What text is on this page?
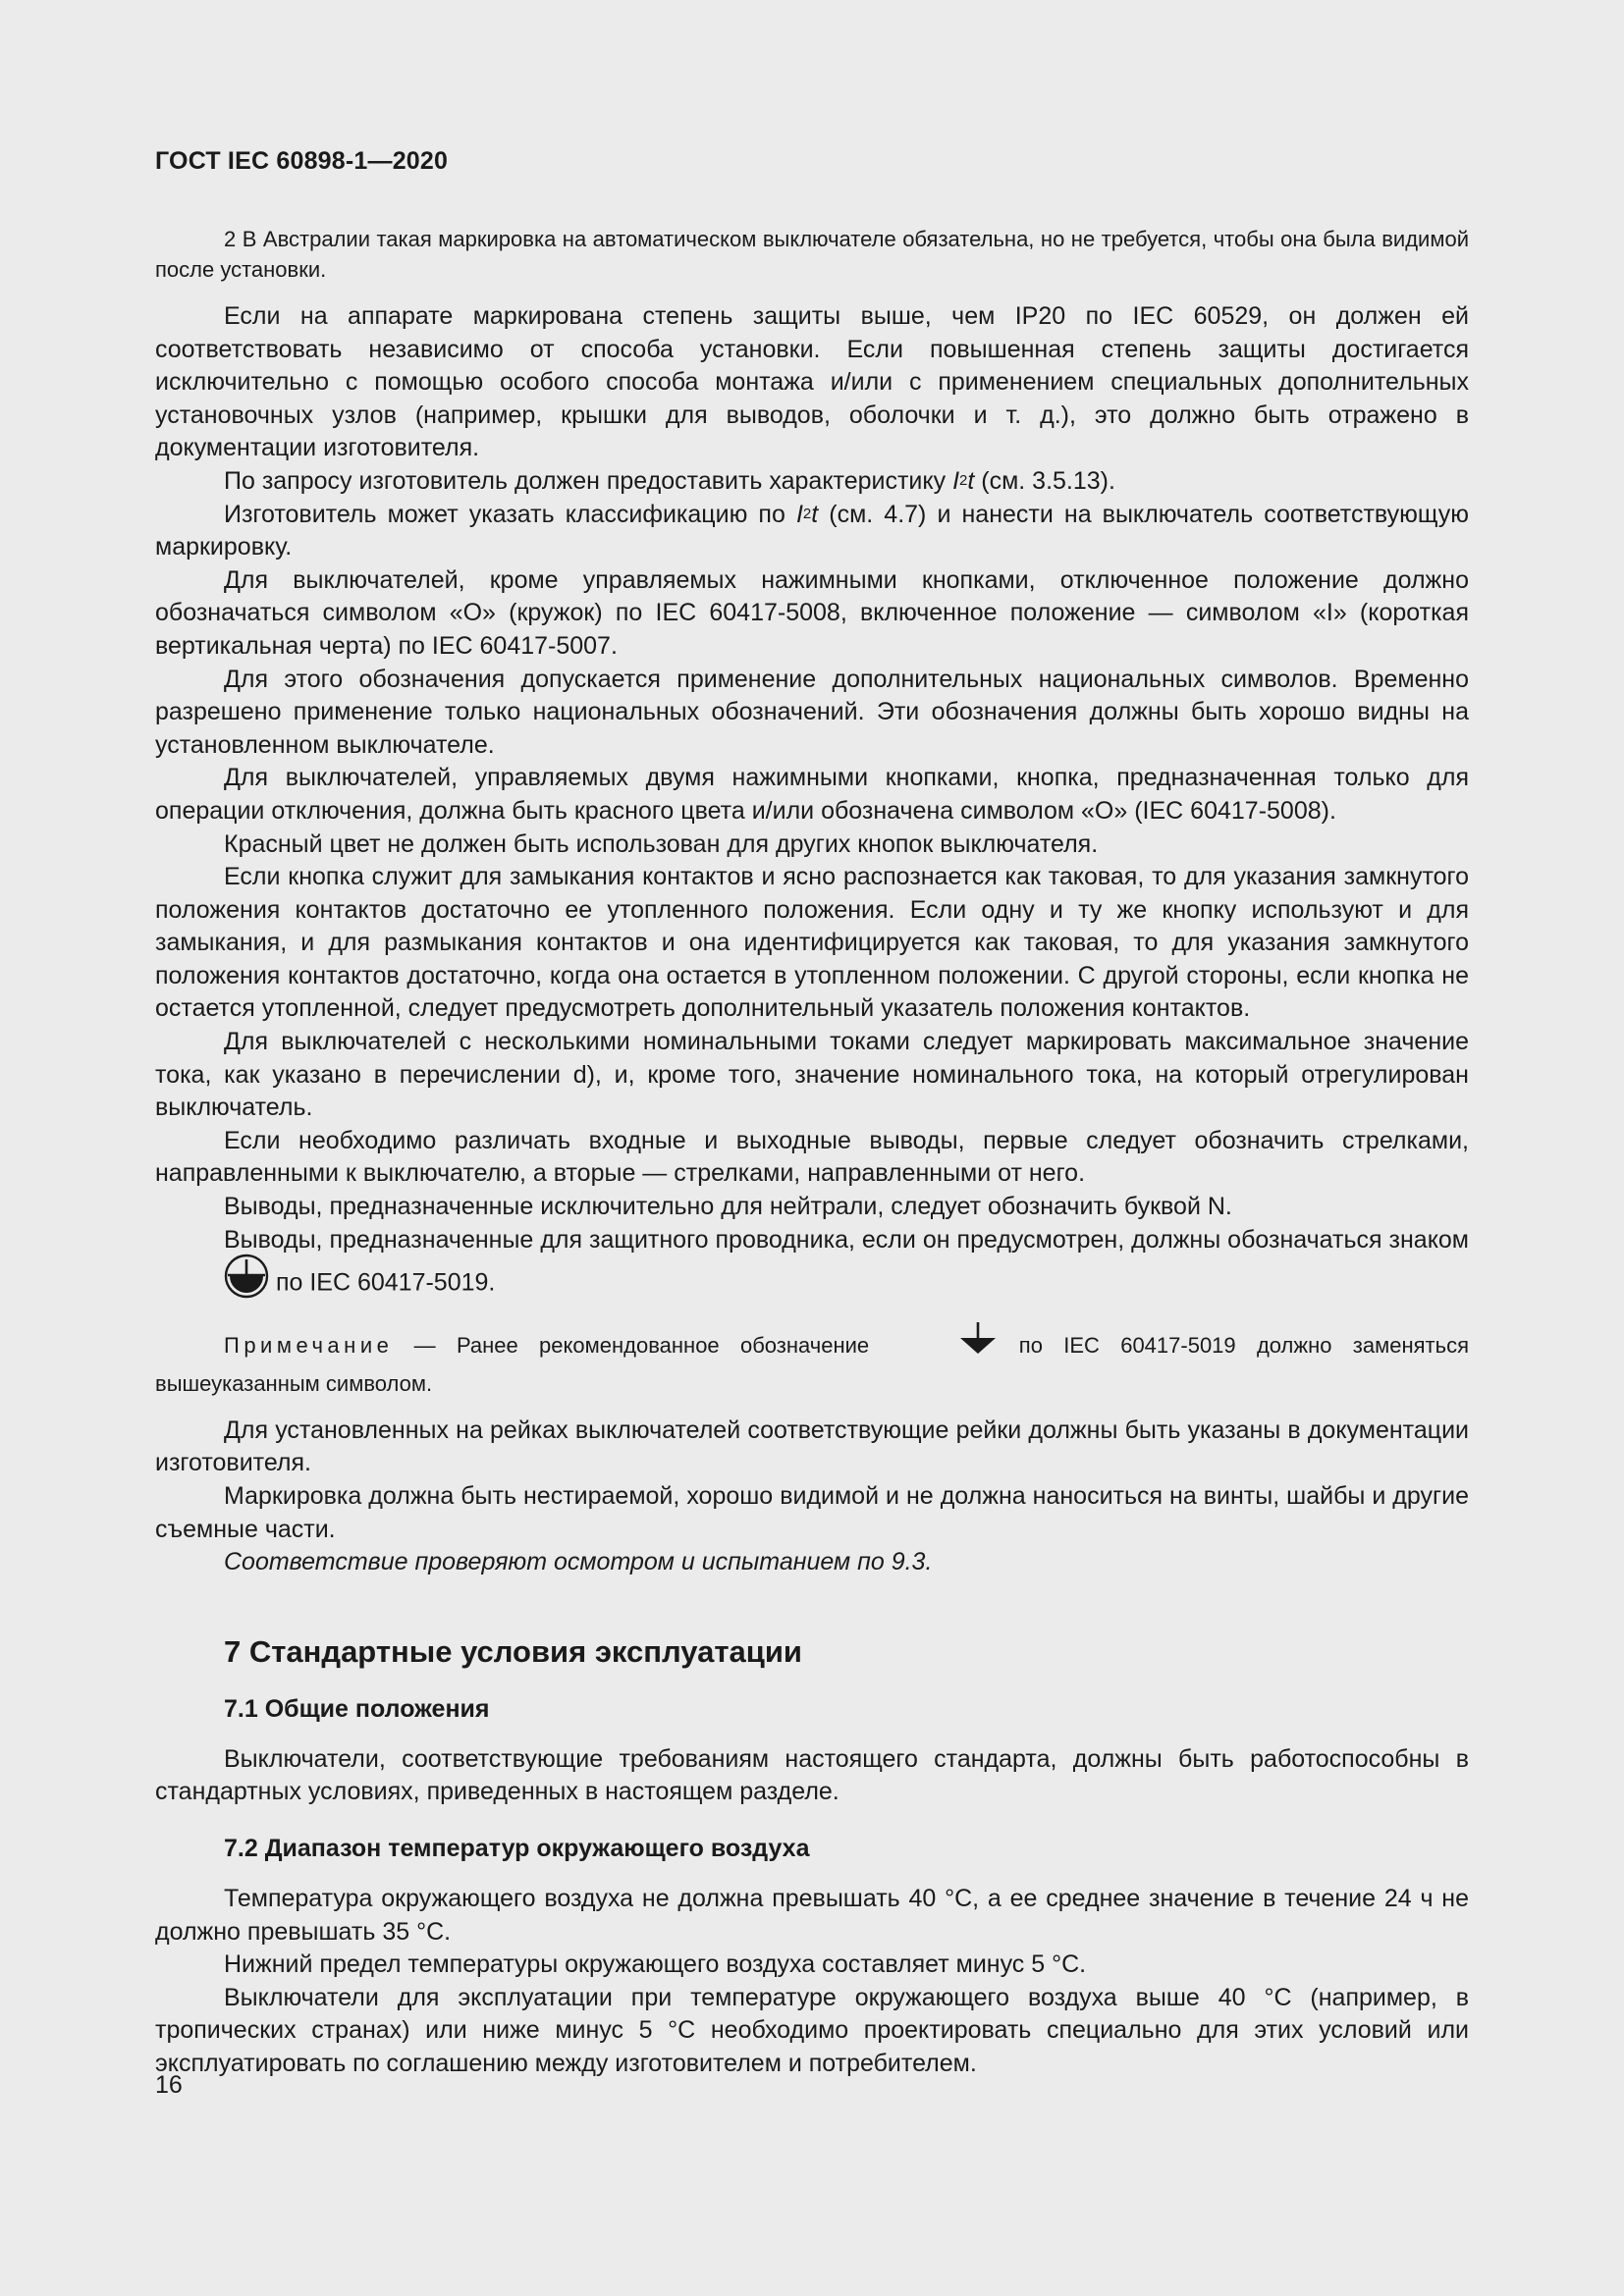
ГОСТ IEC 60898-1—2020

2 В Австралии такая маркировка на автоматическом выключателе обязательна, но не требуется, чтобы она была видимой после установки.

Если на аппарате маркирована степень защиты выше, чем IP20 по IEC 60529, он должен ей соответствовать независимо от способа установки. Если повышенная степень защиты достигается исключительно с помощью особого способа монтажа и/или с применением специальных дополнительных установочных узлов (например, крышки для выводов, оболочки и т. д.), это должно быть отражено в документации изготовителя.

По запросу изготовитель должен предоставить характеристику $I^2t$ (см. 3.5.13).

Изготовитель может указать классификацию по $I^2t$ (см. 4.7) и нанести на выключатель соответствующую маркировку.

Для выключателей, кроме управляемых нажимными кнопками, отключенное положение должно обозначаться символом «O» (кружок) по IEC 60417-5008, включенное положение — символом «I» (короткая вертикальная черта) по IEC 60417-5007.

Для этого обозначения допускается применение дополнительных национальных символов. Временно разрешено применение только национальных обозначений. Эти обозначения должны быть хорошо видны на установленном выключателе.

Для выключателей, управляемых двумя нажимными кнопками, кнопка, предназначенная только для операции отключения, должна быть красного цвета и/или обозначена символом «O» (IEC 60417-5008).

Красный цвет не должен быть использован для других кнопок выключателя.

Если кнопка служит для замыкания контактов и ясно распознается как таковая, то для указания замкнутого положения контактов достаточно ее утопленного положения. Если одну и ту же кнопку используют и для замыкания, и для размыкания контактов и она идентифицируется как таковая, то для указания замкнутого положения контактов достаточно, когда она остается в утопленном положении. С другой стороны, если кнопка не остается утопленной, следует предусмотреть дополнительный указатель положения контактов.

Для выключателей с несколькими номинальными токами следует маркировать максимальное значение тока, как указано в перечислении d), и, кроме того, значение номинального тока, на который отрегулирован выключатель.

Если необходимо различать входные и выходные выводы, первые следует обозначить стрелками, направленными к выключателю, а вторые — стрелками, направленными от него.

Выводы, предназначенные исключительно для нейтрали, следует обозначить буквой N.

Выводы, предназначенные для защитного проводника, если он предусмотрен, должны обозначаться знаком  по IEC 60417-5019.

Примечание — Ранее рекомендованное обозначение	по IEC 60417-5019 должно заменяться вышеуказанным символом.

Для установленных на рейках выключателей соответствующие рейки должны быть указаны в документации изготовителя.

Маркировка должна быть нестираемой, хорошо видимой и не должна наноситься на винты, шайбы и другие съемные части.

Соответствие проверяют осмотром и испытанием по 9.3.

7 Стандартные условия эксплуатации
7.1 Общие положения

Выключатели, соответствующие требованиям настоящего стандарта, должны быть работоспособны в стандартных условиях, приведенных в настоящем разделе.

7.2 Диапазон температур окружающего воздуха

Температура окружающего воздуха не должна превышать 40 °C, а ее среднее значение в течение 24 ч не должно превышать 35 °C.

Нижний предел температуры окружающего воздуха составляет минус 5 °C.

Выключатели для эксплуатации при температуре окружающего воздуха выше 40 °C (например, в тропических странах) или ниже минус 5 °C необходимо проектировать специально для этих условий или эксплуатировать по соглашению между изготовителем и потребителем.

16
